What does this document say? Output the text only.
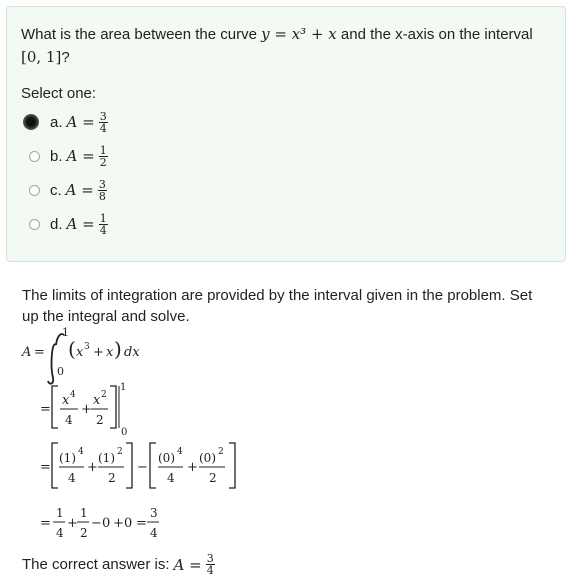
What is the area between the curve y = x³ + x and the x-axis on the interval
[0, 1]?
Select one:
a. $A = \frac{3}{4}$
b. $A = \frac{1}{2}$
c. $A = \frac{3}{8}$
d. $A = \frac{1}{4}$
The limits of integration are provided by the interval given in the problem. Set up the integral and solve.
A =
1
0
( x 3 + x ) dx
=
x 4
4
+
x 2
2
1
0
=
(1) 4
4
+
(1) 2
2
−
(0) 4
4
+
(0) 2
2
=
1
4
+
1
2
− 0 + 0 =
3
4
The correct answer is: $A = \frac{3}{4}$
